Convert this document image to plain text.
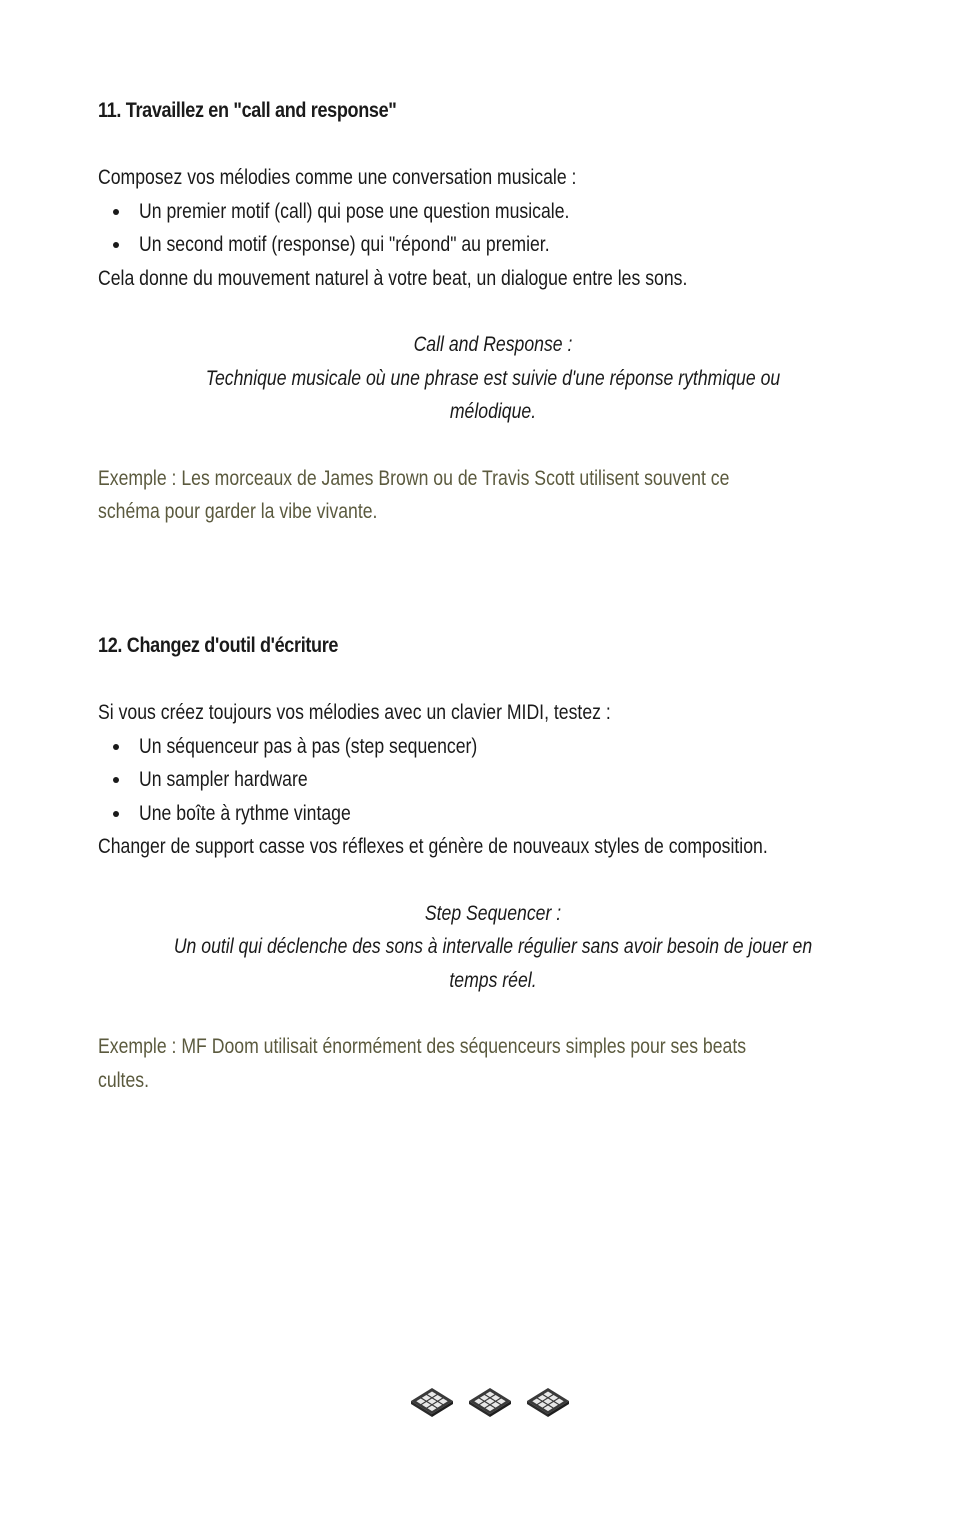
11. Travaillez en "call and response"

Composez vos mélodies comme une conversation musicale :

Un premier motif (call) qui pose une question musicale.
Un second motif (response) qui "répond" au premier.

Cela donne du mouvement naturel à votre beat, un dialogue entre les sons.

Call and Response :
Technique musicale où une phrase est suivie d'une réponse rythmique ou
mélodique.

Exemple : Les morceaux de James Brown ou de Travis Scott utilisent souvent ce

schéma pour garder la vibe vivante.

12. Changez d'outil d'écriture

Si vous créez toujours vos mélodies avec un clavier MIDI, testez :

Un séquenceur pas à pas (step sequencer)
Un sampler hardware
Une boîte à rythme vintage

Changer de support casse vos réflexes et génère de nouveaux styles de composition.

Step Sequencer :
Un outil qui déclenche des sons à intervalle régulier sans avoir besoin de jouer en
temps réel.

Exemple : MF Doom utilisait énormément des séquenceurs simples pour ses beats

cultes.
